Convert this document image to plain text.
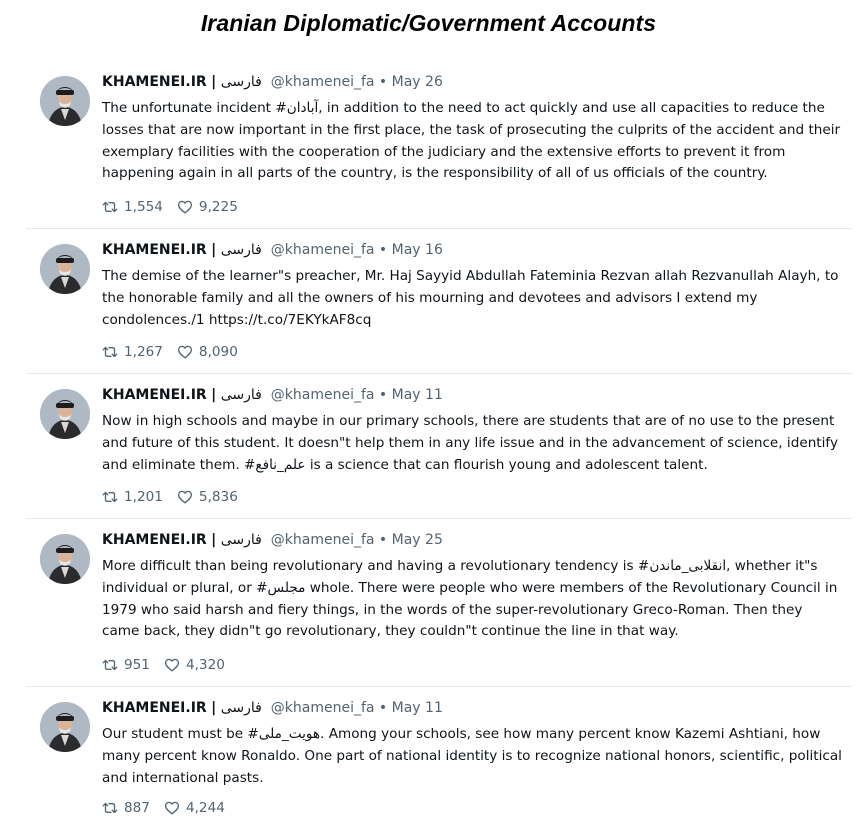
Iranian Diplomatic/Government Accounts
KHAMENEI.IR | فارسی @khamenei_fa • May 26
The unfortunate incident #آبادان, in addition to the need to act quickly and use all capacities to reduce the losses that are now important in the first place, the task of prosecuting the culprits of the accident and their exemplary facilities with the cooperation of the judiciary and the extensive efforts to prevent it from happening again in all parts of the country, is the responsibility of all of us officials of the country.
1,554	9,225
KHAMENEI.IR | فارسی @khamenei_fa • May 16
The demise of the learner"s preacher, Mr. Haj Sayyid Abdullah Fateminia Rezvan allah Rezvanullah Alayh, to the honorable family and all the owners of his mourning and devotees and advisors I extend my condolences./1 https://t.co/7EKYkAF8cq
1,267	8,090
KHAMENEI.IR | فارسی @khamenei_fa • May 11
Now in high schools and maybe in our primary schools, there are students that are of no use to the present and future of this student. It doesn"t help them in any life issue and in the advancement of science, identify and eliminate them. #علم_نافع is a science that can flourish young and adolescent talent.
1,201	5,836
KHAMENEI.IR | فارسی @khamenei_fa • May 25
More difficult than being revolutionary and having a revolutionary tendency is #انقلابی_ماندن, whether it"s individual or plural, or #مجلس whole. There were people who were members of the Revolutionary Council in 1979 who said harsh and fiery things, in the words of the super-revolutionary Greco-Roman. Then they came back, they didn"t go revolutionary, they couldn"t continue the line in that way.
951	4,320
KHAMENEI.IR | فارسی @khamenei_fa • May 11
Our student must be #هویت_ملی. Among your schools, see how many percent know Kazemi Ashtiani, how many percent know Ronaldo. One part of national identity is to recognize national honors, scientific, political and international pasts.
887	4,244
